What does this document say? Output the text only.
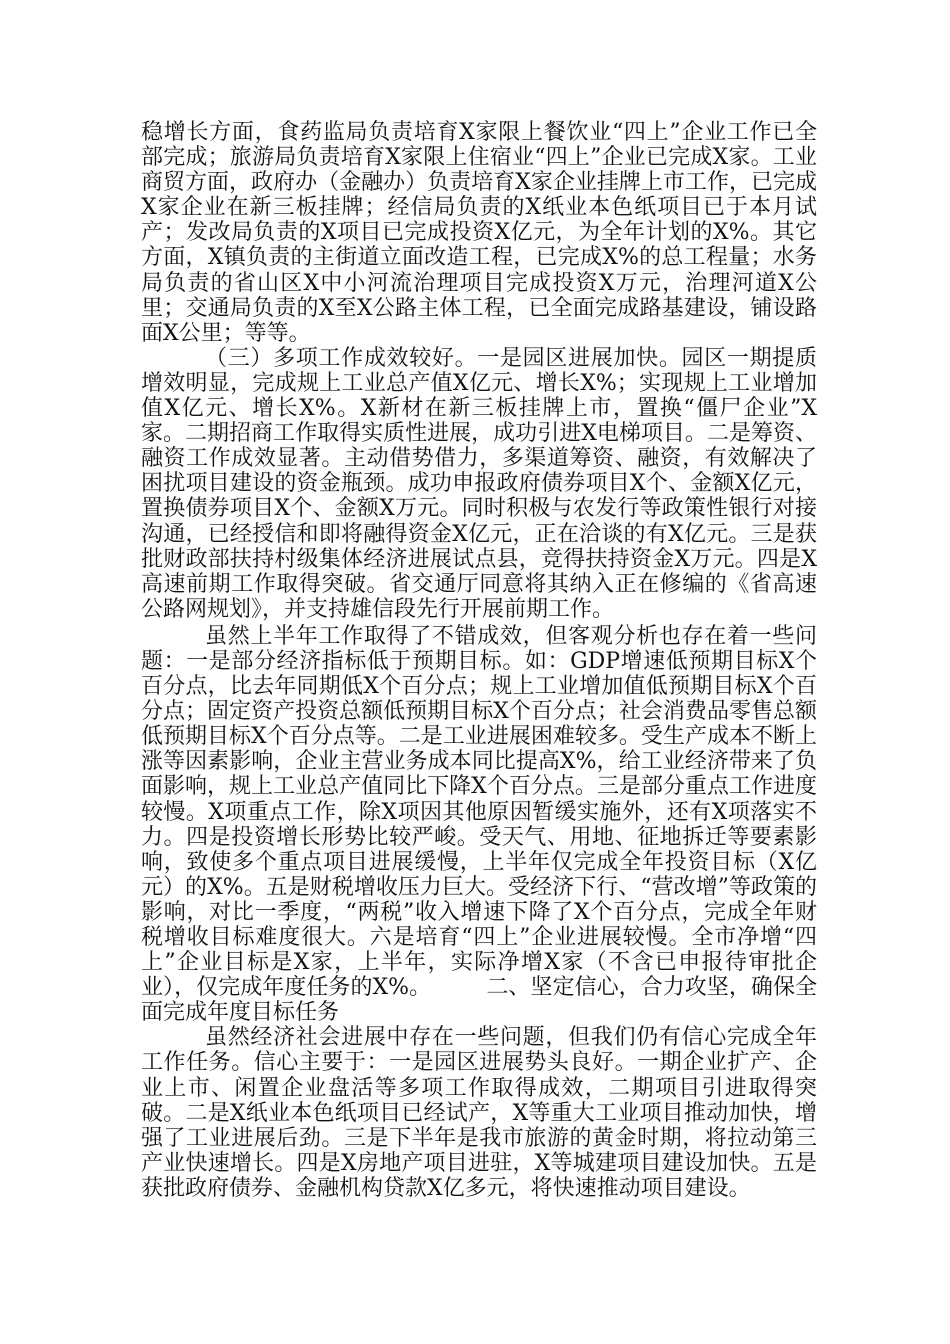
稳增长方面，食药监局负责培育X家限上餐饮业“四上”企业工作已全部完成；旅游局负责培育X家限上住宿业“四上”企业已完成X家。工业商贸方面，政府办（金融办）负责培育X家企业挂牌上市工作，已完成X家企业在新三板挂牌；经信局负责的X纸业本色纸项目已于本月试产；发改局负责的X项目已完成投资X亿元，为全年计划的X%。其它方面，X镇负责的主街道立面改造工程，已完成X%的总工程量；水务局负责的省山区X中小河流治理项目完成投资X万元，治理河道X公里；交通局负责的X至X公路主体工程，已全面完成路基建设，铺设路面X公里；等等。

（三）多项工作成效较好。一是园区进展加快。园区一期提质增效明显，完成规上工业总产值X亿元、增长X%；实现规上工业增加值X亿元、增长X%。X新材在新三板挂牌上市，置换“僵尸企业”X家。二期招商工作取得实质性进展，成功引进X电梯项目。二是筹资、融资工作成效显著。主动借势借力，多渠道筹资、融资，有效解决了困扰项目建设的资金瓶颈。成功申报政府债券项目X个、金额X亿元，置换债券项目X个、金额X万元。同时积极与农发行等政策性银行对接沟通，已经授信和即将融得资金X亿元，正在洽谈的有X亿元。三是获批财政部扶持村级集体经济进展试点县，竞得扶持资金X万元。四是X高速前期工作取得突破。省交通厅同意将其纳入正在修编的《省高速公路网规划》，并支持雄信段先行开展前期工作。

虽然上半年工作取得了不错成效，但客观分析也存在着一些问题：一是部分经济指标低于预期目标。如：GDP增速低预期目标X个百分点，比去年同期低X个百分点；规上工业增加值低预期目标X个百分点；固定资产投资总额低预期目标X个百分点；社会消费品零售总额低预期目标X个百分点等。二是工业进展困难较多。受生产成本不断上涨等因素影响，企业主营业务成本同比提高X%，给工业经济带来了负面影响，规上工业总产值同比下降X个百分点。三是部分重点工作进度较慢。X项重点工作，除X项因其他原因暂缓实施外，还有X项落实不力。四是投资增长形势比较严峻。受天气、用地、征地拆迁等要素影响，致使多个重点项目进展缓慢，上半年仅完成全年投资目标（X亿元）的X%。五是财税增收压力巨大。受经济下行、“营改增”等政策的影响，对比一季度，“两税”收入增速下降了X个百分点，完成全年财税增收目标难度很大。六是培育“四上”企业进展较慢。全市净增“四上”企业目标是X家，上半年，实际净增X家（不含已申报待审批企业），仅完成年度任务的X%。　　　二、坚定信心，合力攻坚，确保全面完成年度目标任务

虽然经济社会进展中存在一些问题，但我们仍有信心完成全年工作任务。信心主要于：一是园区进展势头良好。一期企业扩产、企业上市、闲置企业盘活等多项工作取得成效，二期项目引进取得突破。二是X纸业本色纸项目已经试产，X等重大工业项目推动加快，增强了工业进展后劲。三是下半年是我市旅游的黄金时期，将拉动第三产业快速增长。四是X房地产项目进驻，X等城建项目建设加快。五是获批政府债券、金融机构贷款X亿多元，将快速推动项目建设。
